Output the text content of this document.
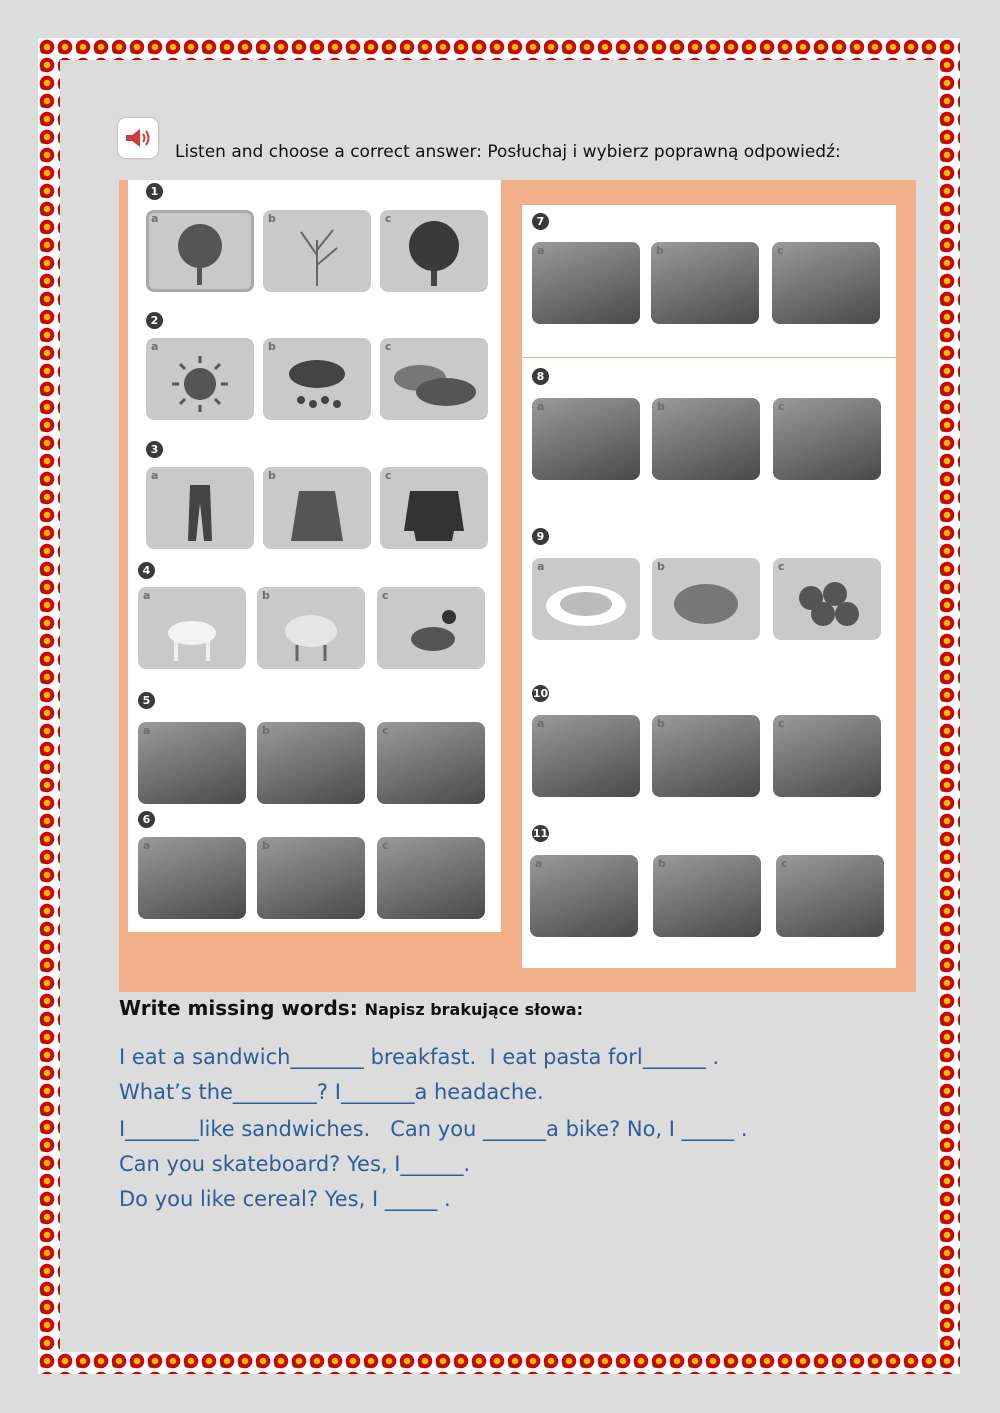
Listen and choose a correct answer: Posłuchaj i wybierz poprawną odpowiedź:
1
a	b	c
2
a	b	c
3
a	b	c
4
a	b	c
5
a	b	c
6
a	b	c
7
a	b	c
8
a	b	c
9
a	b	c
10
a	b	c
11
a	b	c
Write missing words: Napisz brakujące słowa:
I eat a sandwich_______ breakfast.  I eat pasta forl______ .
What’s the________? I_______a headache.
I_______like sandwiches.   Can you ______a bike? No, I _____ .
Can you skateboard? Yes, I______.
Do you like cereal? Yes, I _____ .
